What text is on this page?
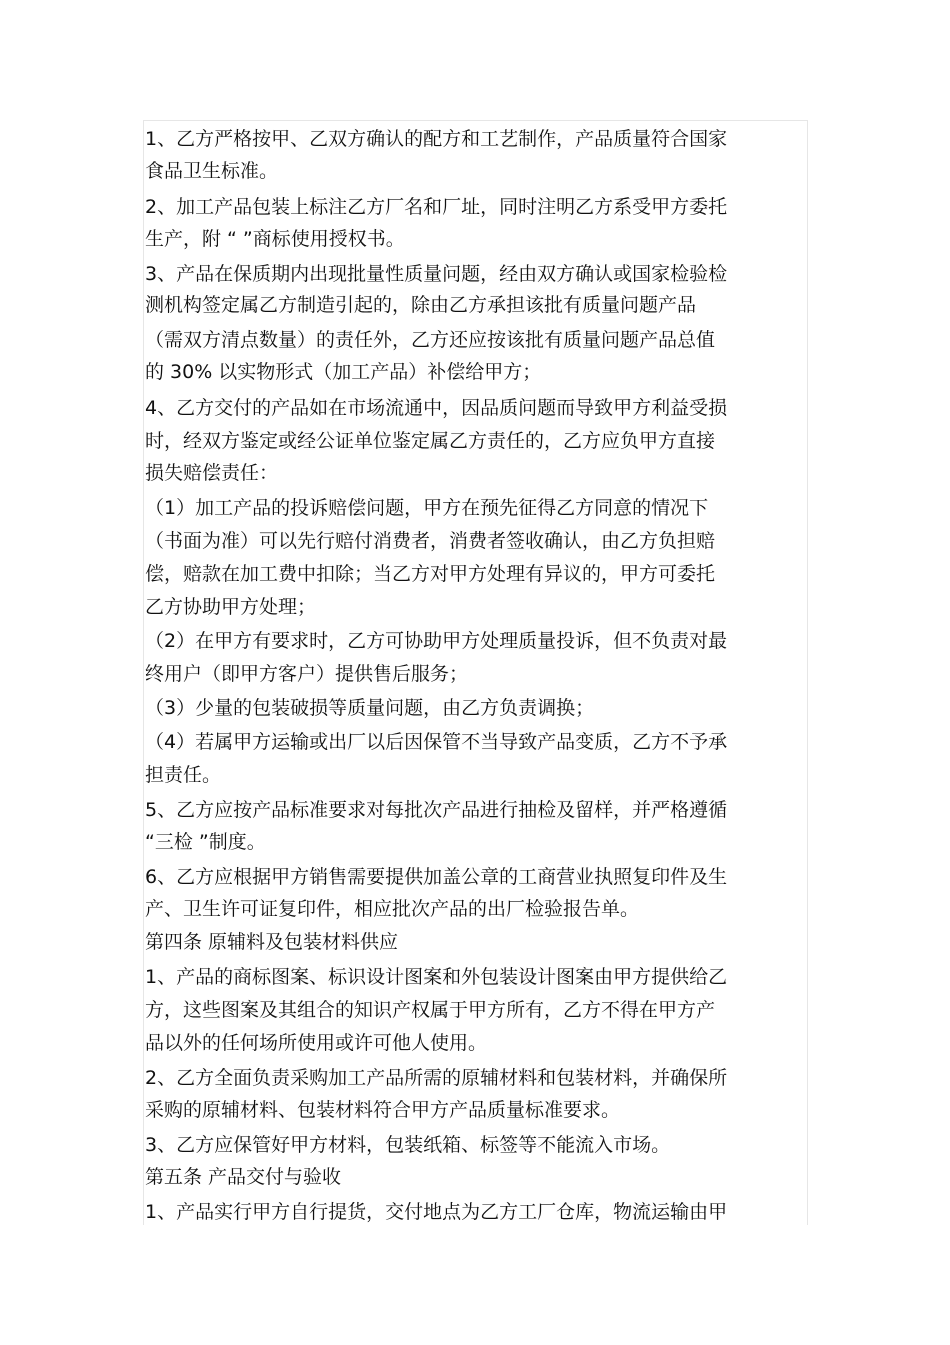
1、乙方严格按甲、乙双方确认的配方和工艺制作，产品质量符合国家

食品卫生标准。

2、加工产品包装上标注乙方厂名和厂址，同时注明乙方系受甲方委托

生产，附 “ ”商标使用授权书。

3、产品在保质期内出现批量性质量问题，经由双方确认或国家检验检

测机构签定属乙方制造引起的，除由乙方承担该批有质量问题产品

（需双方清点数量）的责任外，乙方还应按该批有质量问题产品总值

的 30% 以实物形式（加工产品）补偿给甲方；

4、乙方交付的产品如在市场流通中，因品质问题而导致甲方利益受损

时，经双方鉴定或经公证单位鉴定属乙方责任的，乙方应负甲方直接

损失赔偿责任：

（1）加工产品的投诉赔偿问题，甲方在预先征得乙方同意的情况下

（书面为准）可以先行赔付消费者，消费者签收确认，由乙方负担赔

偿，赔款在加工费中扣除；当乙方对甲方处理有异议的，甲方可委托

乙方协助甲方处理；

（2）在甲方有要求时，乙方可协助甲方处理质量投诉，但不负责对最

终用户（即甲方客户）提供售后服务；

（3）少量的包装破损等质量问题，由乙方负责调换；

（4）若属甲方运输或出厂以后因保管不当导致产品变质，乙方不予承

担责任。

5、乙方应按产品标准要求对每批次产品进行抽检及留样，并严格遵循

“三检 ”制度。

6、乙方应根据甲方销售需要提供加盖公章的工商营业执照复印件及生

产、卫生许可证复印件，相应批次产品的出厂检验报告单。

第四条 原辅料及包装材料供应

1、产品的商标图案、标识设计图案和外包装设计图案由甲方提供给乙

方，这些图案及其组合的知识产权属于甲方所有，乙方不得在甲方产

品以外的任何场所使用或许可他人使用。

2、乙方全面负责采购加工产品所需的原辅材料和包装材料，并确保所

采购的原辅材料、包装材料符合甲方产品质量标准要求。

3、乙方应保管好甲方材料，包装纸箱、标签等不能流入市场。

第五条 产品交付与验收

1、产品实行甲方自行提货，交付地点为乙方工厂仓库，物流运输由甲
